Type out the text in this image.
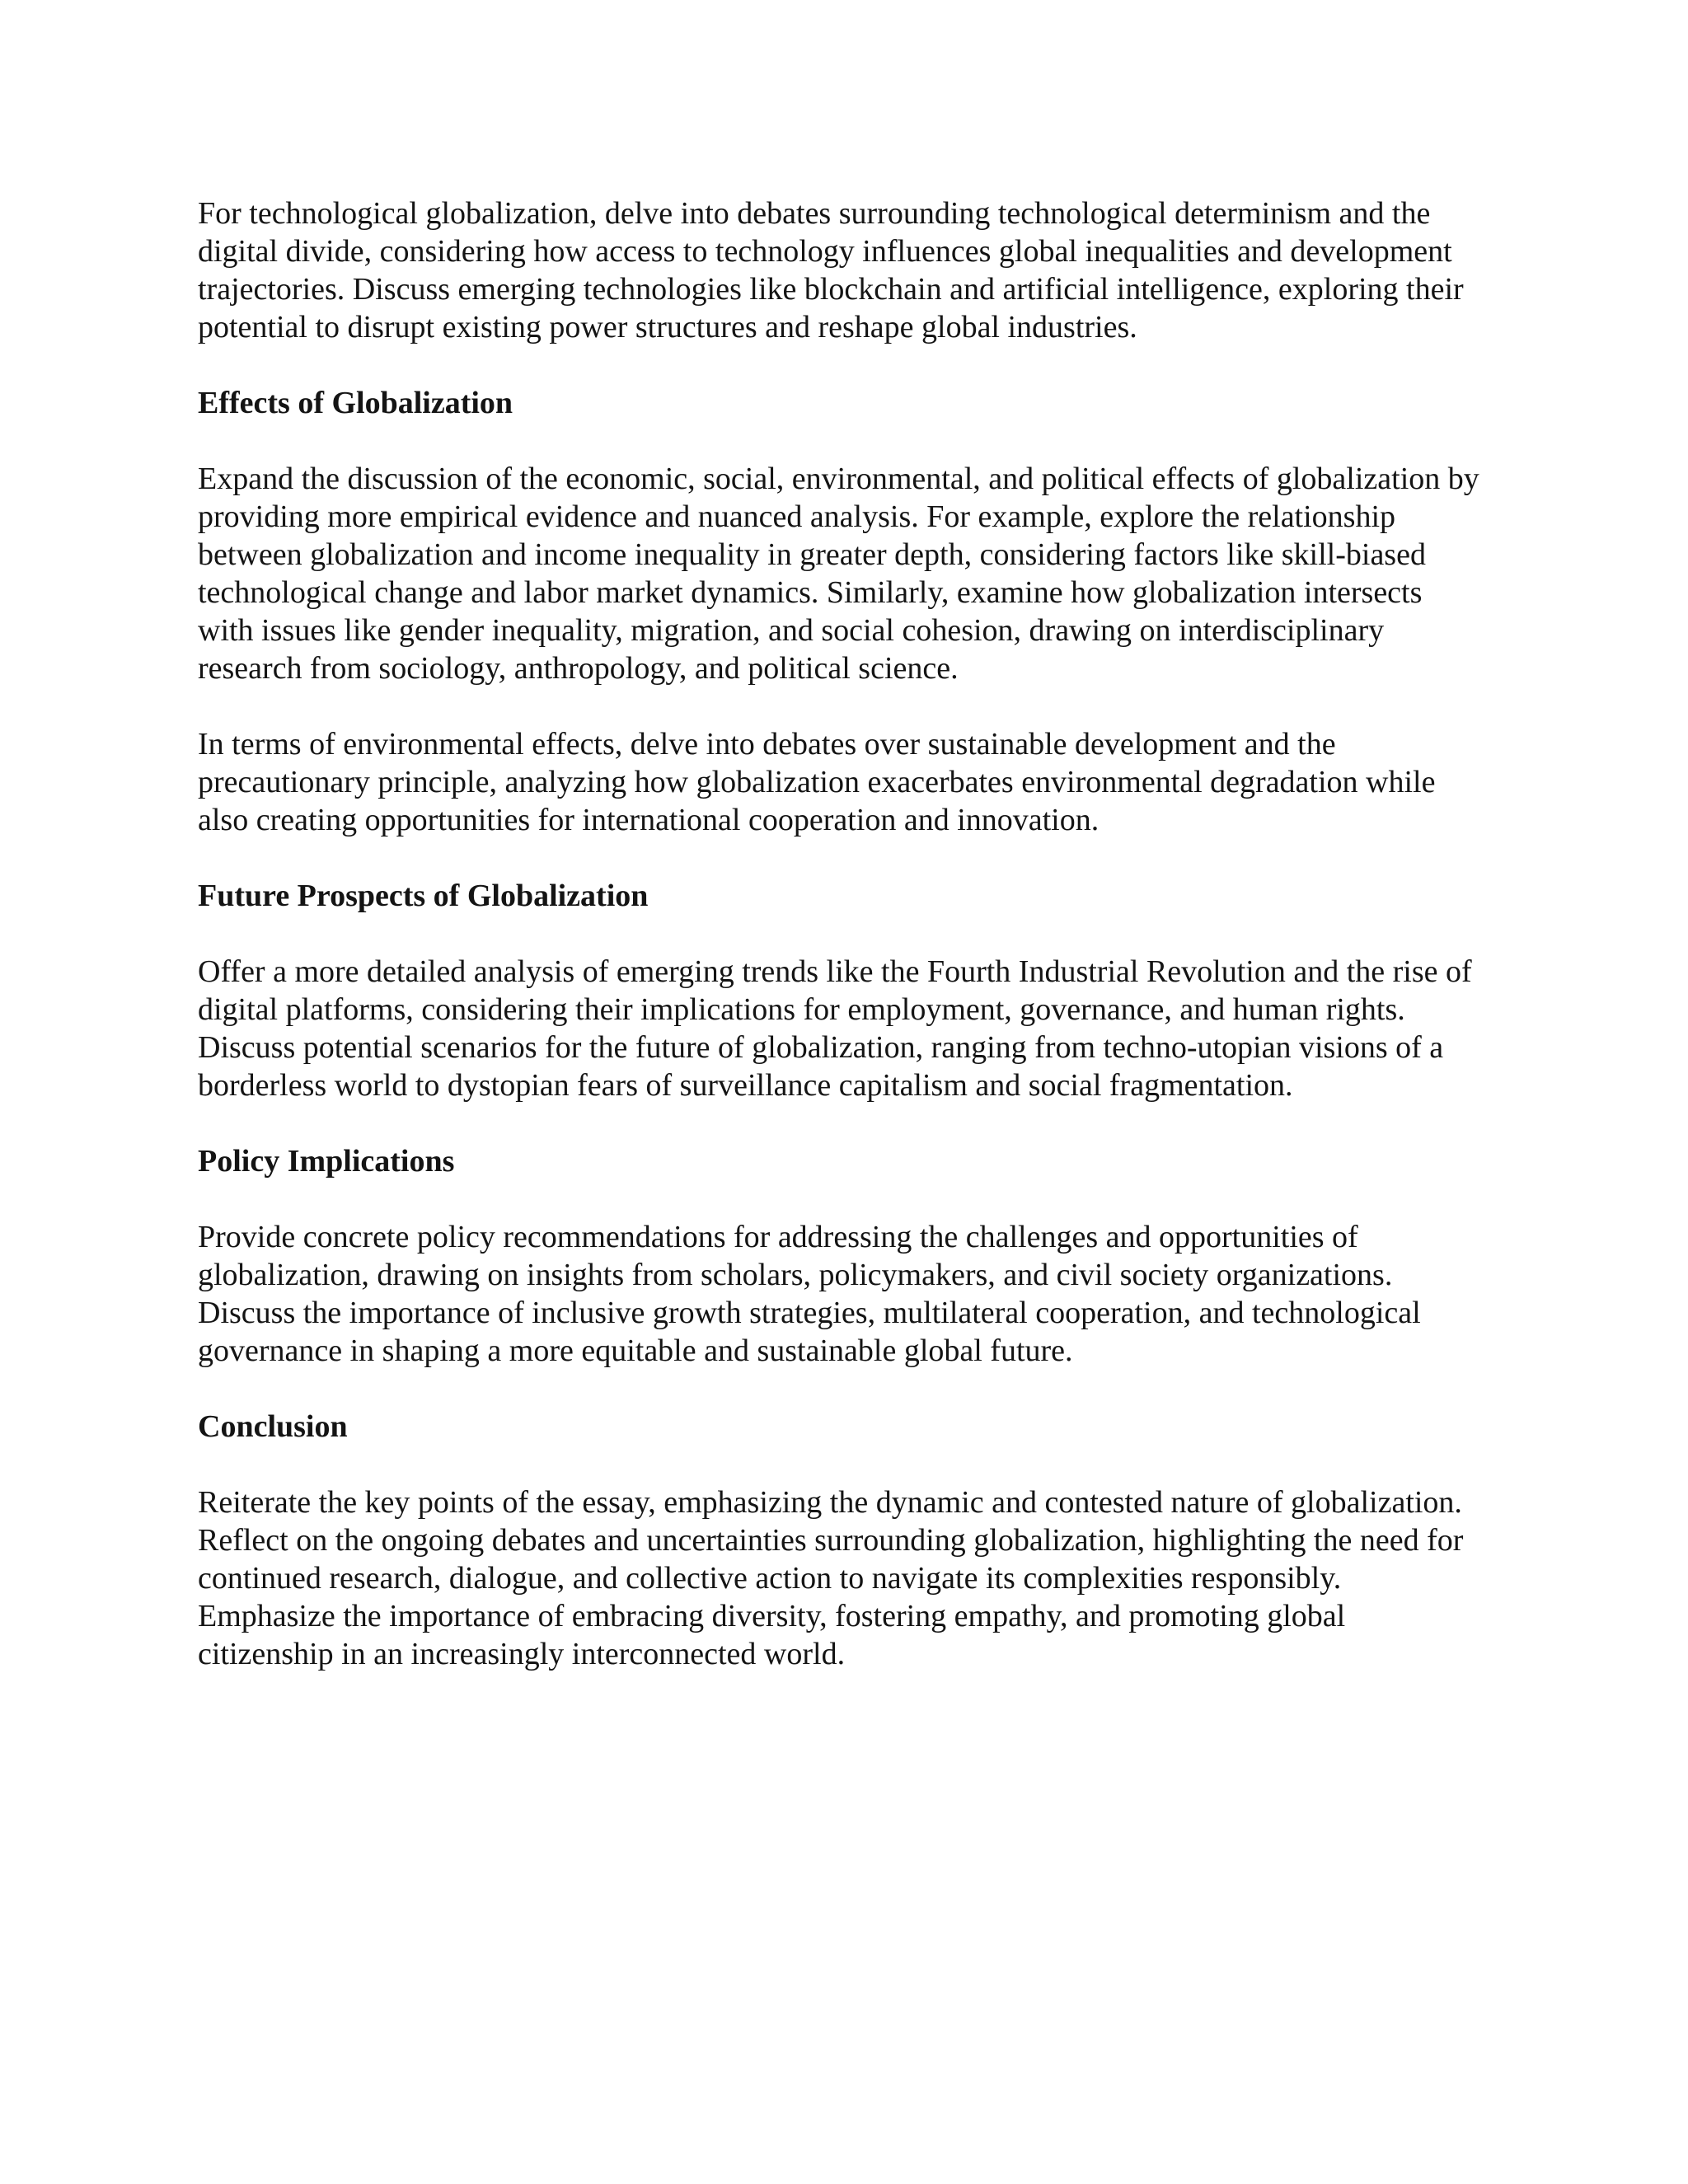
For technological globalization, delve into debates surrounding technological determinism and the digital divide, considering how access to technology influences global inequalities and development trajectories. Discuss emerging technologies like blockchain and artificial intelligence, exploring their potential to disrupt existing power structures and reshape global industries.

Effects of Globalization

Expand the discussion of the economic, social, environmental, and political effects of globalization by providing more empirical evidence and nuanced analysis. For example, explore the relationship between globalization and income inequality in greater depth, considering factors like skill-biased technological change and labor market dynamics. Similarly, examine how globalization intersects with issues like gender inequality, migration, and social cohesion, drawing on interdisciplinary research from sociology, anthropology, and political science.

In terms of environmental effects, delve into debates over sustainable development and the precautionary principle, analyzing how globalization exacerbates environmental degradation while also creating opportunities for international cooperation and innovation.

Future Prospects of Globalization

Offer a more detailed analysis of emerging trends like the Fourth Industrial Revolution and the rise of digital platforms, considering their implications for employment, governance, and human rights. Discuss potential scenarios for the future of globalization, ranging from techno-utopian visions of a borderless world to dystopian fears of surveillance capitalism and social fragmentation.

Policy Implications

Provide concrete policy recommendations for addressing the challenges and opportunities of globalization, drawing on insights from scholars, policymakers, and civil society organizations. Discuss the importance of inclusive growth strategies, multilateral cooperation, and technological governance in shaping a more equitable and sustainable global future.

Conclusion

Reiterate the key points of the essay, emphasizing the dynamic and contested nature of globalization. Reflect on the ongoing debates and uncertainties surrounding globalization, highlighting the need for continued research, dialogue, and collective action to navigate its complexities responsibly. Emphasize the importance of embracing diversity, fostering empathy, and promoting global citizenship in an increasingly interconnected world.
